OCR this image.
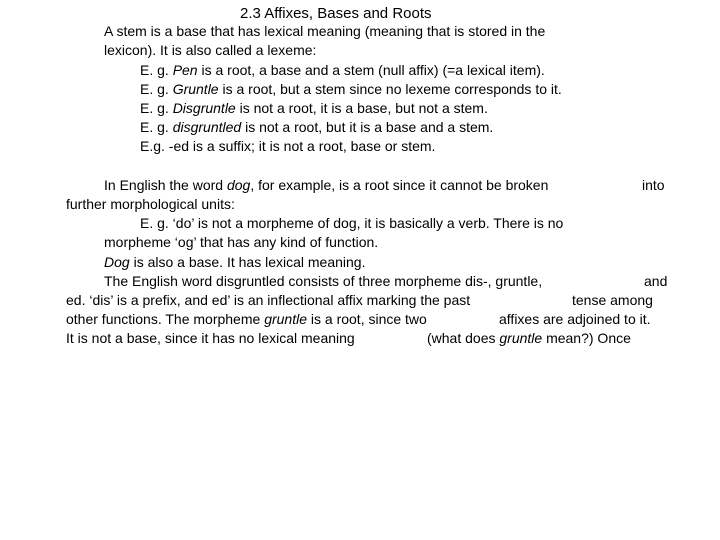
2.3 Affixes, Bases and Roots
A stem is a base that has lexical meaning (meaning that is stored in the
lexicon). It is also called a lexeme:
E. g. Pen is a root, a base and a stem (null affix) (=a lexical item).
E. g. Gruntle is a root, but a stem since no lexeme corresponds to it.
E. g. Disgruntle is not a root, it is a base, but not a stem.
E. g. disgruntled is not a root, but it is a base and a stem.
E.g. -ed is a suffix; it is not a root, base or stem.
In English the word dog, for example, is a root since it cannot be broken	into
further morphological units:
E. g. ‘do’ is not a morpheme of dog, it is basically a verb. There is no
morpheme ‘og’ that has any kind of function.
Dog is also a base. It has lexical meaning.
The English word disgruntled consists of three morpheme dis-, gruntle,	and
ed. ‘dis’ is a prefix, and ed’ is an inflectional affix marking the past	tense among
other functions. The morpheme gruntle is a root, since two	affixes are adjoined to it.
It is not a base, since it has no lexical meaning	(what does gruntle mean?) Once
